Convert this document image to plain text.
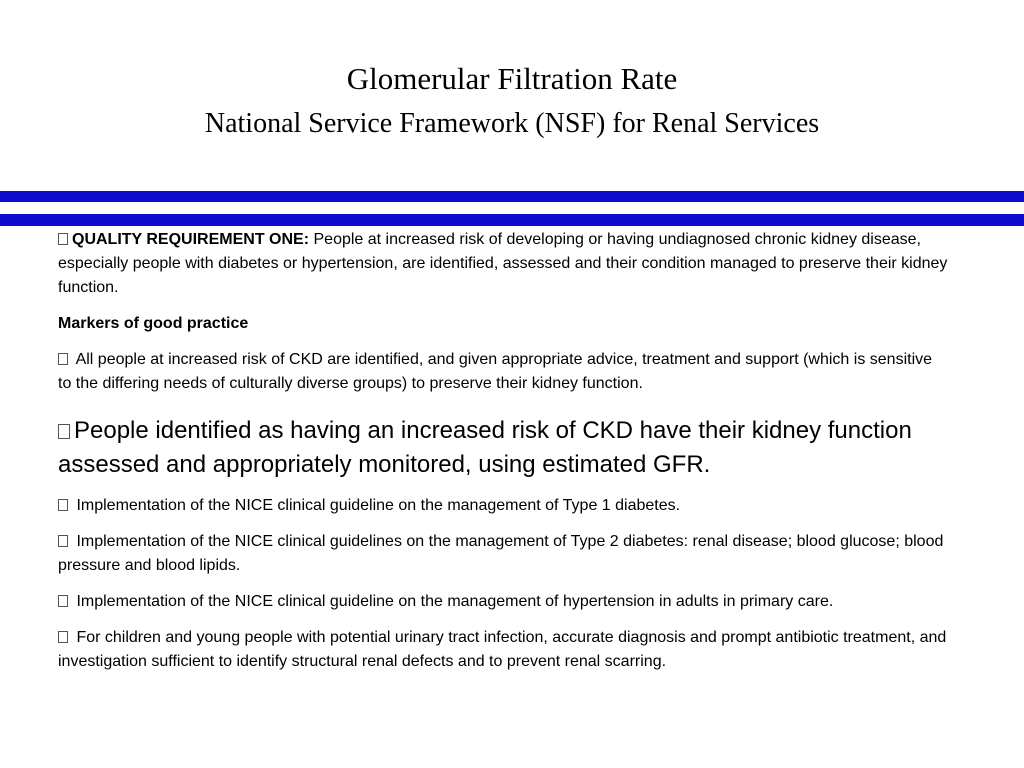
Glomerular Filtration Rate
National Service Framework (NSF) for Renal Services

QUALITY REQUIREMENT ONE: People at increased risk of developing or having undiagnosed chronic kidney disease, especially people with diabetes or hypertension, are identified, assessed and their condition managed to preserve their kidney function.

Markers of good practice

All people at increased risk of CKD are identified, and given appropriate advice, treatment and support (which is sensitive to the differing needs of culturally diverse groups) to preserve their kidney function.

People identified as having an increased risk of CKD have their kidney function assessed and appropriately monitored, using estimated GFR.

Implementation of the NICE clinical guideline on the management of Type 1 diabetes.

Implementation of the NICE clinical guidelines on the management of Type 2 diabetes: renal disease; blood glucose; blood pressure and blood lipids.

Implementation of the NICE clinical guideline on the management of hypertension in adults in primary care.

For children and young people with potential urinary tract infection, accurate diagnosis and prompt antibiotic treatment, and investigation sufficient to identify structural renal defects and to prevent renal scarring.
